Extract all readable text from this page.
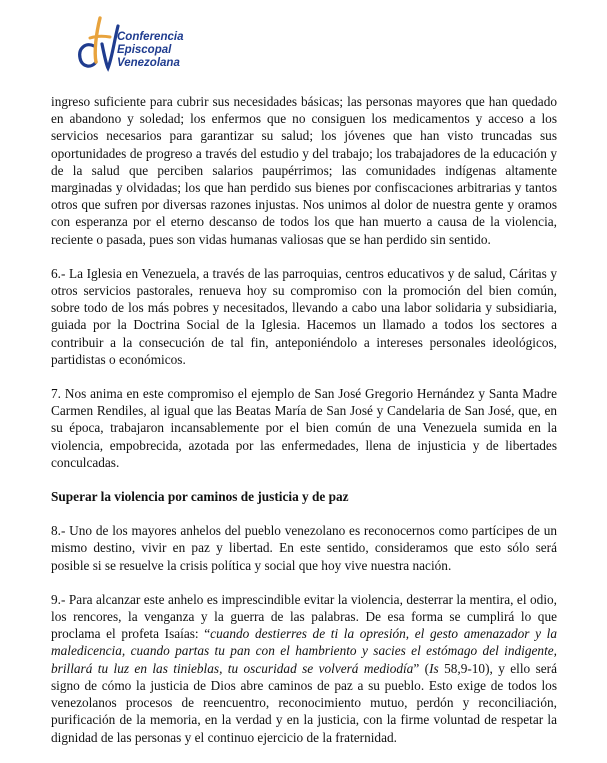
Conferencia
Episcopal
Venezolana

ingreso suficiente para cubrir sus necesidades básicas; las personas mayores que han quedado en abandono y soledad; los enfermos que no consiguen los medicamentos y acceso a los servicios necesarios para garantizar su salud; los jóvenes que han visto truncadas sus oportunidades de progreso a través del estudio y del trabajo; los trabajadores de la educación y de la salud que perciben salarios paupérrimos; las comunidades indígenas altamente marginadas y olvidadas; los que han perdido sus bienes por confiscaciones arbitrarias y tantos otros que sufren por diversas razones injustas. Nos unimos al dolor de nuestra gente y oramos con esperanza por el eterno descanso de todos los que han muerto a causa de la violencia, reciente o pasada, pues son vidas humanas valiosas que se han perdido sin sentido.

6.- La Iglesia en Venezuela, a través de las parroquias, centros educativos y de salud, Cáritas y otros servicios pastorales, renueva hoy su compromiso con la promoción del bien común, sobre todo de los más pobres y necesitados, llevando a cabo una labor solidaria y subsidiaria, guiada por la Doctrina Social de la Iglesia. Hacemos un llamado a todos los sectores a contribuir a la consecución de tal fin, anteponiéndolo a intereses personales ideológicos, partidistas o económicos.

7. Nos anima en este compromiso el ejemplo de San José Gregorio Hernández y Santa Madre Carmen Rendiles, al igual que las Beatas María de San José y Candelaria de San José, que, en su época, trabajaron incansablemente por el bien común de una Venezuela sumida en la violencia, empobrecida, azotada por las enfermedades, llena de injusticia y de libertades conculcadas.

Superar la violencia por caminos de justicia y de paz

8.- Uno de los mayores anhelos del pueblo venezolano es reconocernos como partícipes de un mismo destino, vivir en paz y libertad. En este sentido, consideramos que esto sólo será posible si se resuelve la crisis política y social que hoy vive nuestra nación.

9.- Para alcanzar este anhelo es imprescindible evitar la violencia, desterrar la mentira, el odio, los rencores, la venganza y la guerra de las palabras. De esa forma se cumplirá lo que proclama el profeta Isaías: “cuando destierres de ti la opresión, el gesto amenazador y la maledicencia, cuando partas tu pan con el hambriento y sacies el estómago del indigente, brillará tu luz en las tinieblas, tu oscuridad se volverá mediodía” (Is 58,9-10), y ello será signo de cómo la justicia de Dios abre caminos de paz a su pueblo. Esto exige de todos los venezolanos procesos de reencuentro, reconocimiento mutuo, perdón y reconciliación, purificación de la memoria, en la verdad y en la justicia, con la firme voluntad de respetar la dignidad de las personas y el continuo ejercicio de la fraternidad.
